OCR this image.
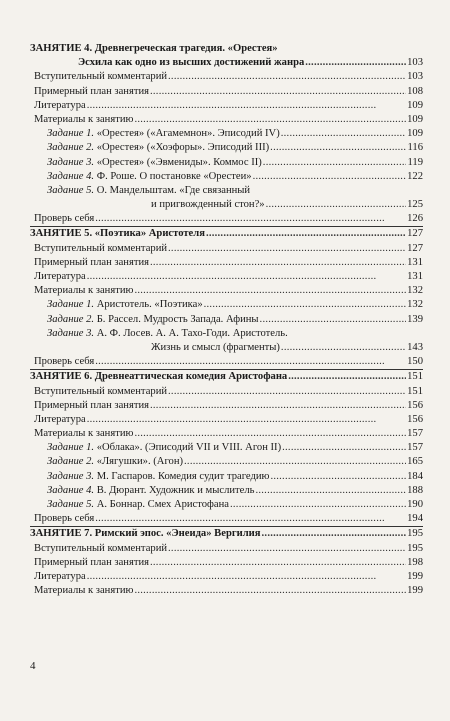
ЗАНЯТИЕ 4. Древнегреческая трагедия. «Орестея»
Эсхила как одно из высших достижений жанра . . .	103
Вступительный комментарий . . .	103
Примерный план занятия . . .	108
Литература . . .	109
Материалы к занятию . . .	109
Задание 1. «Орестея» («Агамемнон». Эписодий IV) . . .	109
Задание 2. «Орестея» («Хоэфоры». Эписодий III) . . .	116
Задание 3. «Орестея» («Эвмениды». Коммос II) . . .	119
Задание 4. Ф. Роше. О постановке «Орестеи» . . .	122
Задание 5. О. Мандельштам. «Где связанный
и пригвожденный стон?» . . .	125
Проверь себя . . .	126
ЗАНЯТИЕ 5. «Поэтика» Аристотеля . . .	127
Вступительный комментарий . . .	127
Примерный план занятия . . .	131
Литература . . .	131
Материалы к занятию . . .	132
Задание 1. Аристотель. «Поэтика» . . .	132
Задание 2. Б. Рассел. Мудрость Запада. Афины . . .	139
Задание 3. А. Ф. Лосев. А. А. Тахо-Годи. Аристотель.
Жизнь и смысл (фрагменты) . . .	143
Проверь себя . . .	150
ЗАНЯТИЕ 6. Древнеаттическая комедия Аристофана . . .	151
Вступительный комментарий . . .	151
Примерный план занятия . . .	156
Литература . . .	156
Материалы к занятию . . .	157
Задание 1. «Облака». (Эписодий VII и VIII. Агон II) . . .	157
Задание 2. «Лягушки». (Агон) . . .	165
Задание 3. М. Гаспаров. Комедия судит трагедию . . .	184
Задание 4. В. Дюрант. Художник и мыслитель . . .	188
Задание 5. А. Боннар. Смех Аристофана . . .	190
Проверь себя . . .	194
ЗАНЯТИЕ 7. Римский эпос. «Энеида» Вергилия . . .	195
Вступительный комментарий . . .	195
Примерный план занятия . . .	198
Литература . . .	199
Материалы к занятию . . .	199
4
